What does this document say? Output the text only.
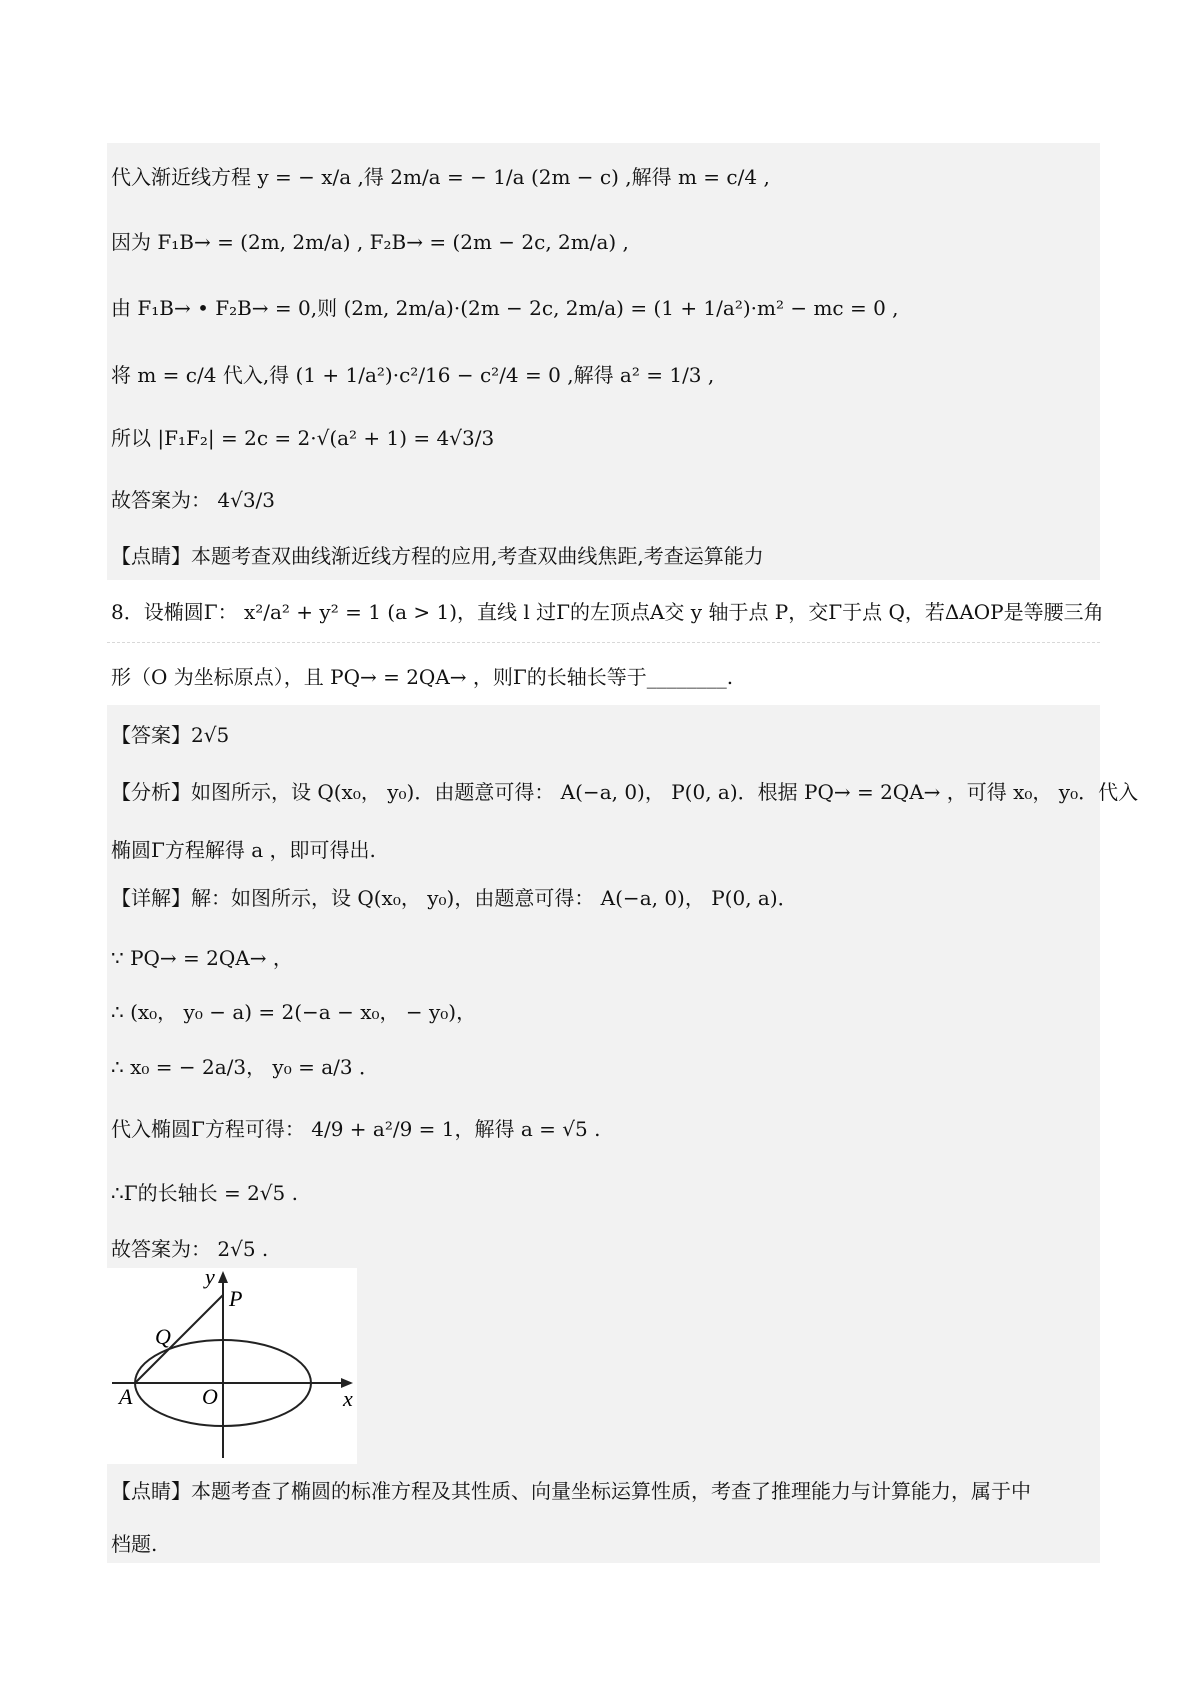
代入渐近线方程 y = − x/a ,得 2m/a = − 1/a (2m − c) ,解得 m = c/4 ,
因为 F₁B→ = (2m, 2m/a) , F₂B→ = (2m − 2c, 2m/a) ,
由 F₁B→ • F₂B→ = 0,则 (2m, 2m/a)·(2m − 2c, 2m/a) = (1 + 1/a²)·m² − mc = 0 ,
将 m = c/4 代入,得 (1 + 1/a²)·c²/16 − c²/4 = 0 ,解得 a² = 1/3 ,
所以 |F₁F₂| = 2c = 2·√(a² + 1) = 4√3/3
故答案为： 4√3/3
【点睛】本题考查双曲线渐近线方程的应用,考查双曲线焦距,考查运算能力
8．设椭圆Γ： x²/a² + y² = 1 (a > 1)，直线 l 过Γ的左顶点A交 y 轴于点 P，交Γ于点 Q，若ΔAOP是等腰三角
形（O 为坐标原点），且 PQ→ = 2QA→ ，则Γ的长轴长等于________.
【答案】2√5
【分析】如图所示，设 Q(x₀， y₀)．由题意可得： A(−a, 0)， P(0, a)．根据 PQ→ = 2QA→ ，可得 x₀， y₀．代入
椭圆Γ方程解得 a ，即可得出.
【详解】解：如图所示，设 Q(x₀， y₀)，由题意可得： A(−a, 0)， P(0, a)．
∵ PQ→ = 2QA→ ，
∴ (x₀， y₀ − a) = 2(−a − x₀， − y₀)，
∴ x₀ = − 2a/3， y₀ = a/3 ．
代入椭圆Γ方程可得： 4/9 + a²/9 = 1，解得 a = √5 .
∴Γ的长轴长 = 2√5 .
故答案为： 2√5 .
y
P
Q
A	O	x
【点睛】本题考查了椭圆的标准方程及其性质、向量坐标运算性质，考查了推理能力与计算能力，属于中
档题.
